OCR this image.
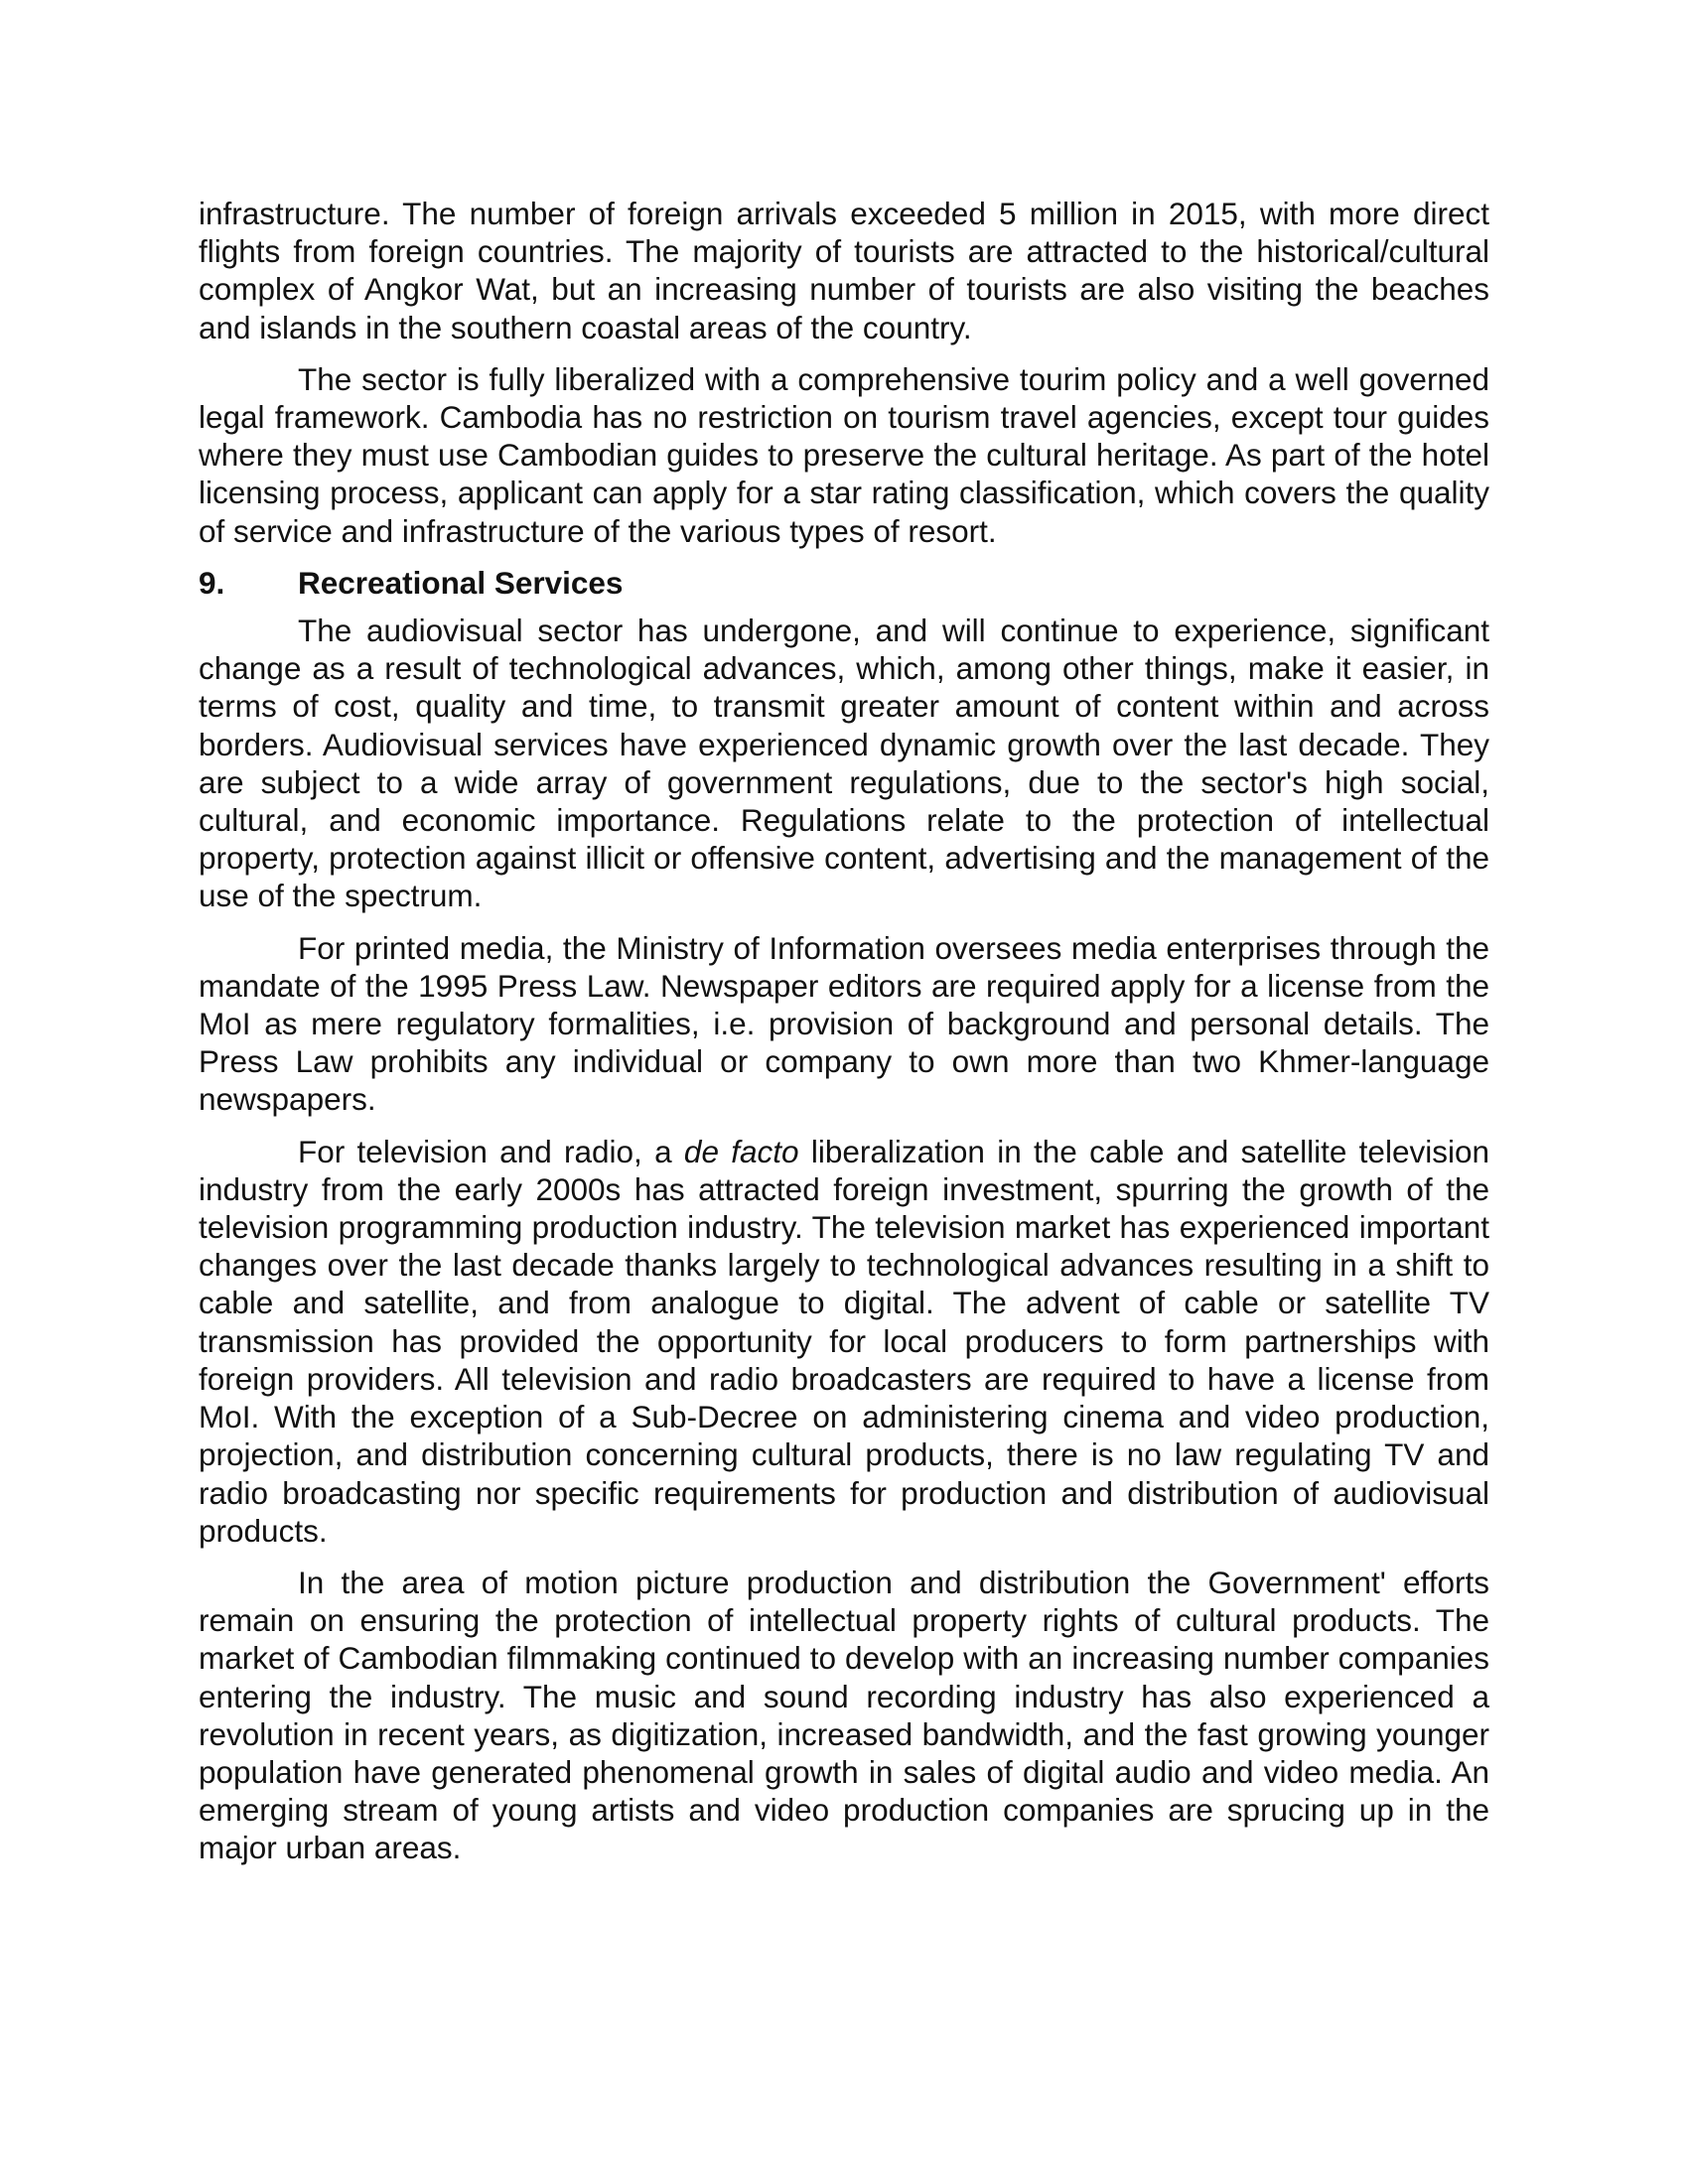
infrastructure. The number of foreign arrivals exceeded 5 million in 2015, with more direct flights from foreign countries. The majority of tourists are attracted to the historical/cultural complex of Angkor Wat, but an increasing number of tourists are also visiting the beaches and islands in the southern coastal areas of the country.

The sector is fully liberalized with a comprehensive tourim policy and a well governed legal framework. Cambodia has no restriction on tourism travel agencies, except tour guides where they must use Cambodian guides to preserve the cultural heritage. As part of the hotel licensing process, applicant can apply for a star rating classification, which covers the quality of service and infrastructure of the various types of resort.

9.	Recreational Services

The audiovisual sector has undergone, and will continue to experience, significant change as a result of technological advances, which, among other things, make it easier, in terms of cost, quality and time, to transmit greater amount of content within and across borders. Audiovisual services have experienced dynamic growth over the last decade. They are subject to a wide array of government regulations, due to the sector's high social, cultural, and economic importance. Regulations relate to the protection of intellectual property, protection against illicit or offensive content, advertising and the management of the use of the spectrum.

For printed media, the Ministry of Information oversees media enterprises through the mandate of the 1995 Press Law. Newspaper editors are required apply for a license from the MoI as mere regulatory formalities, i.e. provision of background and personal details. The Press Law prohibits any individual or company to own more than two Khmer-language newspapers.

For television and radio, a de facto liberalization in the cable and satellite television industry from the early 2000s has attracted foreign investment, spurring the growth of the television programming production industry. The television market has experienced important changes over the last decade thanks largely to technological advances resulting in a shift to cable and satellite, and from analogue to digital. The advent of cable or satellite TV transmission has provided the opportunity for local producers to form partnerships with foreign providers. All television and radio broadcasters are required to have a license from MoI. With the exception of a Sub-Decree on administering cinema and video production, projection, and distribution concerning cultural products, there is no law regulating TV and radio broadcasting nor specific requirements for production and distribution of audiovisual products.

In the area of motion picture production and distribution the Government' efforts remain on ensuring the protection of intellectual property rights of cultural products. The market of Cambodian filmmaking continued to develop with an increasing number companies entering the industry. The music and sound recording industry has also experienced a revolution in recent years, as digitization, increased bandwidth, and the fast growing younger population have generated phenomenal growth in sales of digital audio and video media. An emerging stream of young artists and video production companies are sprucing up in the major urban areas.
